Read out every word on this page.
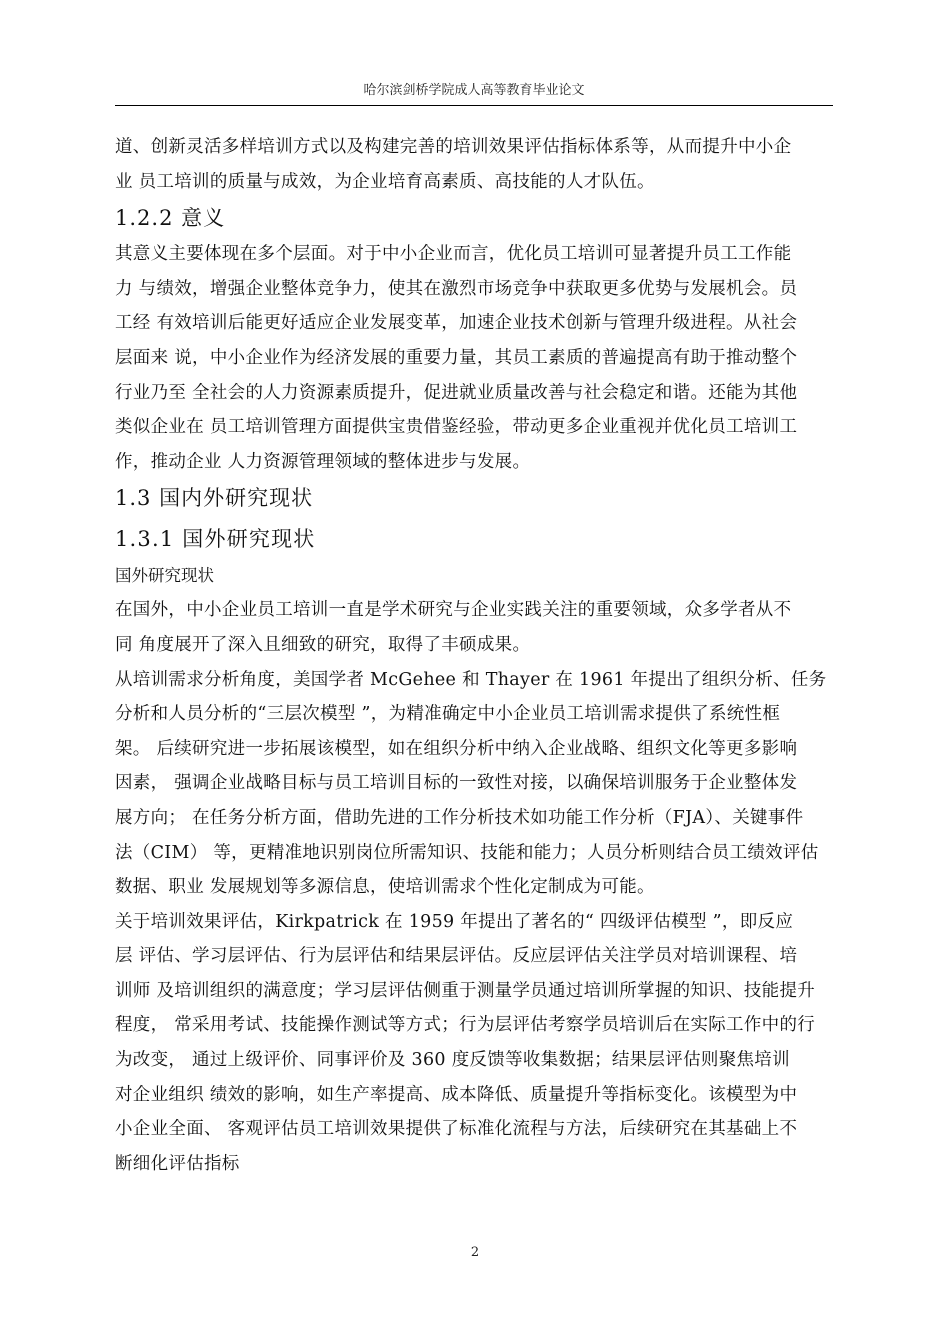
哈尔滨剑桥学院成人高等教育毕业论文

道、创新灵活多样培训方式以及构建完善的培训效果评估指标体系等，从而提升中小企
业 员工培训的质量与成效，为企业培育高素质、高技能的人才队伍。

1.2.2 意义

其意义主要体现在多个层面。对于中小企业而言，优化员工培训可显著提升员工工作能
力 与绩效，增强企业整体竞争力，使其在激烈市场竞争中获取更多优势与发展机会。员
工经 有效培训后能更好适应企业发展变革，加速企业技术创新与管理升级进程。从社会
层面来 说，中小企业作为经济发展的重要力量，其员工素质的普遍提高有助于推动整个
行业乃至 全社会的人力资源素质提升，促进就业质量改善与社会稳定和谐。还能为其他
类似企业在 员工培训管理方面提供宝贵借鉴经验，带动更多企业重视并优化员工培训工
作，推动企业 人力资源管理领域的整体进步与发展。

1.3 国内外研究现状
1.3.1 国外研究现状
国外研究现状

在国外，中小企业员工培训一直是学术研究与企业实践关注的重要领域，众多学者从不
同 角度展开了深入且细致的研究，取得了丰硕成果。

从培训需求分析角度，美国学者 McGehee 和 Thayer 在 1961 年提出了组织分析、任务
分析和人员分析的“三层次模型 ”，为精准确定中小企业员工培训需求提供了系统性框
架。 后续研究进一步拓展该模型，如在组织分析中纳入企业战略、组织文化等更多影响
因素， 强调企业战略目标与员工培训目标的一致性对接，以确保培训服务于企业整体发
展方向； 在任务分析方面，借助先进的工作分析技术如功能工作分析（FJA）、关键事件
法（CIM） 等，更精准地识别岗位所需知识、技能和能力；人员分析则结合员工绩效评估
数据、职业 发展规划等多源信息，使培训需求个性化定制成为可能。

关于培训效果评估，Kirkpatrick 在 1959 年提出了著名的“ 四级评估模型 ”，即反应
层 评估、学习层评估、行为层评估和结果层评估。反应层评估关注学员对培训课程、培
训师 及培训组织的满意度；学习层评估侧重于测量学员通过培训所掌握的知识、技能提升
程度， 常采用考试、技能操作测试等方式；行为层评估考察学员培训后在实际工作中的行
为改变， 通过上级评价、同事评价及 360 度反馈等收集数据；结果层评估则聚焦培训
对企业组织 绩效的影响，如生产率提高、成本降低、质量提升等指标变化。该模型为中
小企业全面、 客观评估员工培训效果提供了标准化流程与方法，后续研究在其基础上不
断细化评估指标

2
